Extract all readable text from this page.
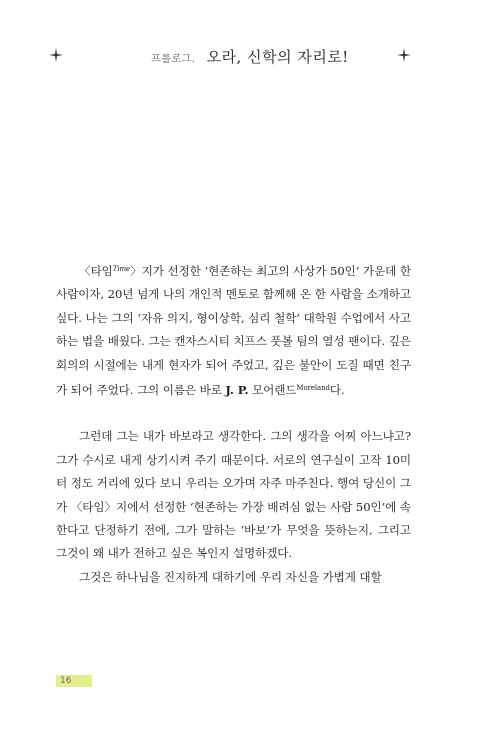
프롤로그. 오라, 신학의 자리로!

〈타임$^{Time}$〉지가 선정한 ‘현존하는 최고의 사상가 50인’ 가운데 한 사람이자, 20년 넘게 나의 개인적 멘토로 함께해 온 한 사람을 소개하고 싶다. 나는 그의 ‘자유 의지, 형이상학, 심리 철학’ 대학원 수업에서 사고하는 법을 배웠다. 그는 캔자스시티 치프스 풋볼 팀의 열성 팬이다. 깊은 회의의 시절에는 내게 현자가 되어 주었고, 깊은 불안이 도질 때면 친구가 되어 주었다. 그의 이름은 바로 J. P. 모어랜드$^{Moreland}$다.

그런데 그는 내가 바보라고 생각한다. 그의 생각을 어찌 아느냐고? 그가 수시로 내게 상기시켜 주기 때문이다. 서로의 연구실이 고작 10미터 정도 거리에 있다 보니 우리는 오가며 자주 마주친다. 행여 당신이 그가 〈타임〉지에서 선정한 ‘현존하는 가장 배려심 없는 사람 50인’에 속한다고 단정하기 전에, 그가 말하는 ‘바보’가 무엇을 뜻하는지, 그리고 그것이 왜 내가 전하고 싶은 복인지 설명하겠다.

그것은 하나님을 진지하게 대하기에 우리 자신을 가볍게 대할

16
